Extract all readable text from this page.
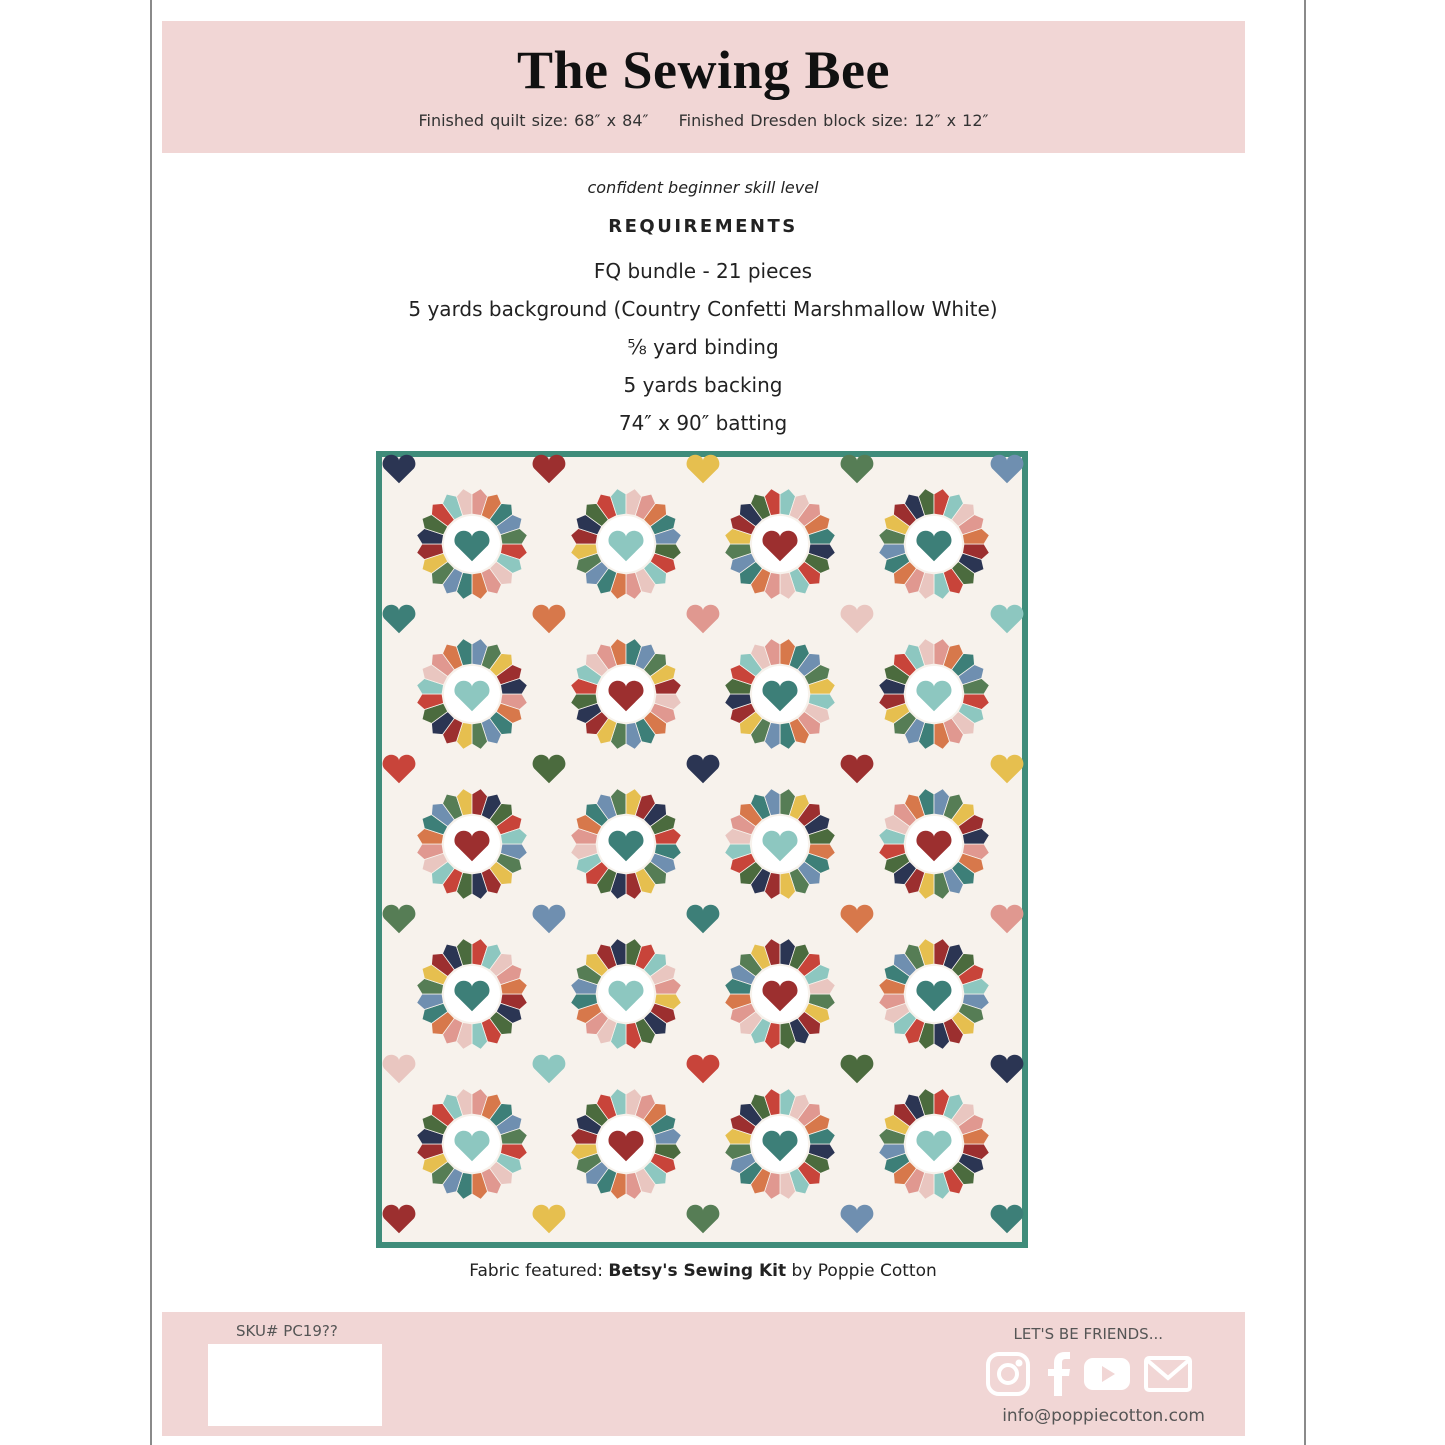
The Sewing Bee
Finished quilt size: 68″ x 84″ Finished Dresden block size: 12″ x 12″
confident beginner skill level
REQUIREMENTS
FQ bundle - 21 pieces
5 yards background (Country Confetti Marshmallow White)
⅝ yard binding
5 yards backing
74″ x 90″ batting
Fabric featured: Betsy's Sewing Kit by Poppie Cotton
SKU# PC19??	LET'S BE FRIENDS...
info@poppiecotton.com
